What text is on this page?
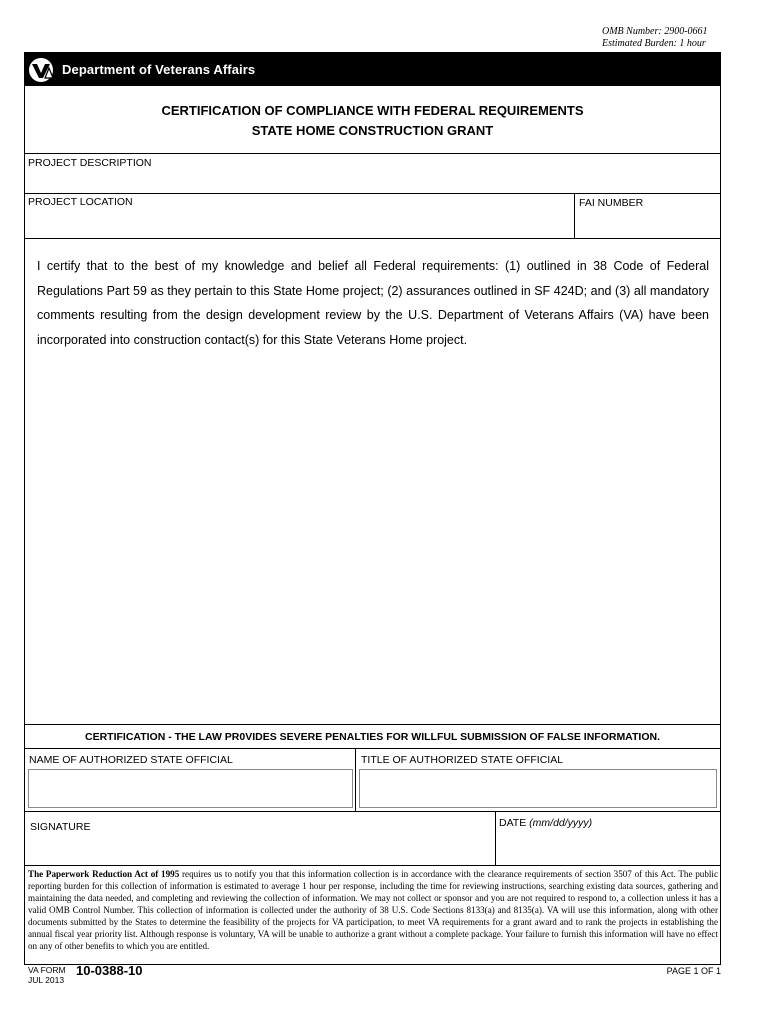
OMB Number: 2900-0661
Estimated Burden: 1 hour
Department of Veterans Affairs
CERTIFICATION OF COMPLIANCE WITH FEDERAL REQUIREMENTS
STATE HOME CONSTRUCTION GRANT
PROJECT DESCRIPTION
PROJECT LOCATION	FAI NUMBER
I certify that to the best of my knowledge and belief all Federal requirements: (1) outlined in 38 Code of Federal Regulations Part 59 as they pertain to this State Home project; (2) assurances outlined in SF 424D; and (3) all mandatory comments resulting from the design development review by the U.S. Department of Veterans Affairs (VA) have been incorporated into construction contact(s) for this State Veterans Home project.
CERTIFICATION - THE LAW PR0VIDES SEVERE PENALTIES FOR WILLFUL SUBMISSION OF FALSE INFORMATION.
NAME OF AUTHORIZED STATE OFFICIAL	TITLE OF AUTHORIZED STATE OFFICIAL
SIGNATURE	DATE (mm/dd/yyyy)
The Paperwork Reduction Act of 1995 requires us to notify you that this information collection is in accordance with the clearance requirements of section 3507 of this Act. The public reporting burden for this collection of information is estimated to average 1 hour per response, including the time for reviewing instructions, searching existing data sources, gathering and maintaining the data needed, and completing and reviewing the collection of information. We may not collect or sponsor and you are not required to respond to, a collection unless it has a valid OMB Control Number. This collection of information is collected under the authority of 38 U.S. Code Sections 8133(a) and 8135(a). VA will use this information, along with other documents submitted by the States to determine the feasibility of the projects for VA participation, to meet VA requirements for a grant award and to rank the projects in establishing the annual fiscal year priority list. Although response is voluntary, VA will be unable to authorize a grant without a complete package. Your failure to furnish this information will have no effect on any of other benefits to which you are entitled.
VA FORM
JUL 2013
10-0388-10	PAGE 1 OF 1
